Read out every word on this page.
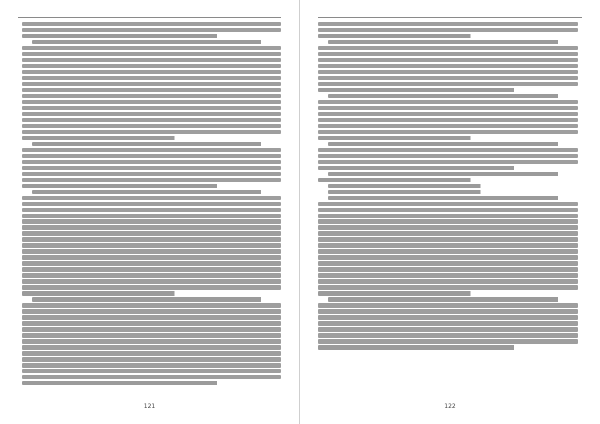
121	122
